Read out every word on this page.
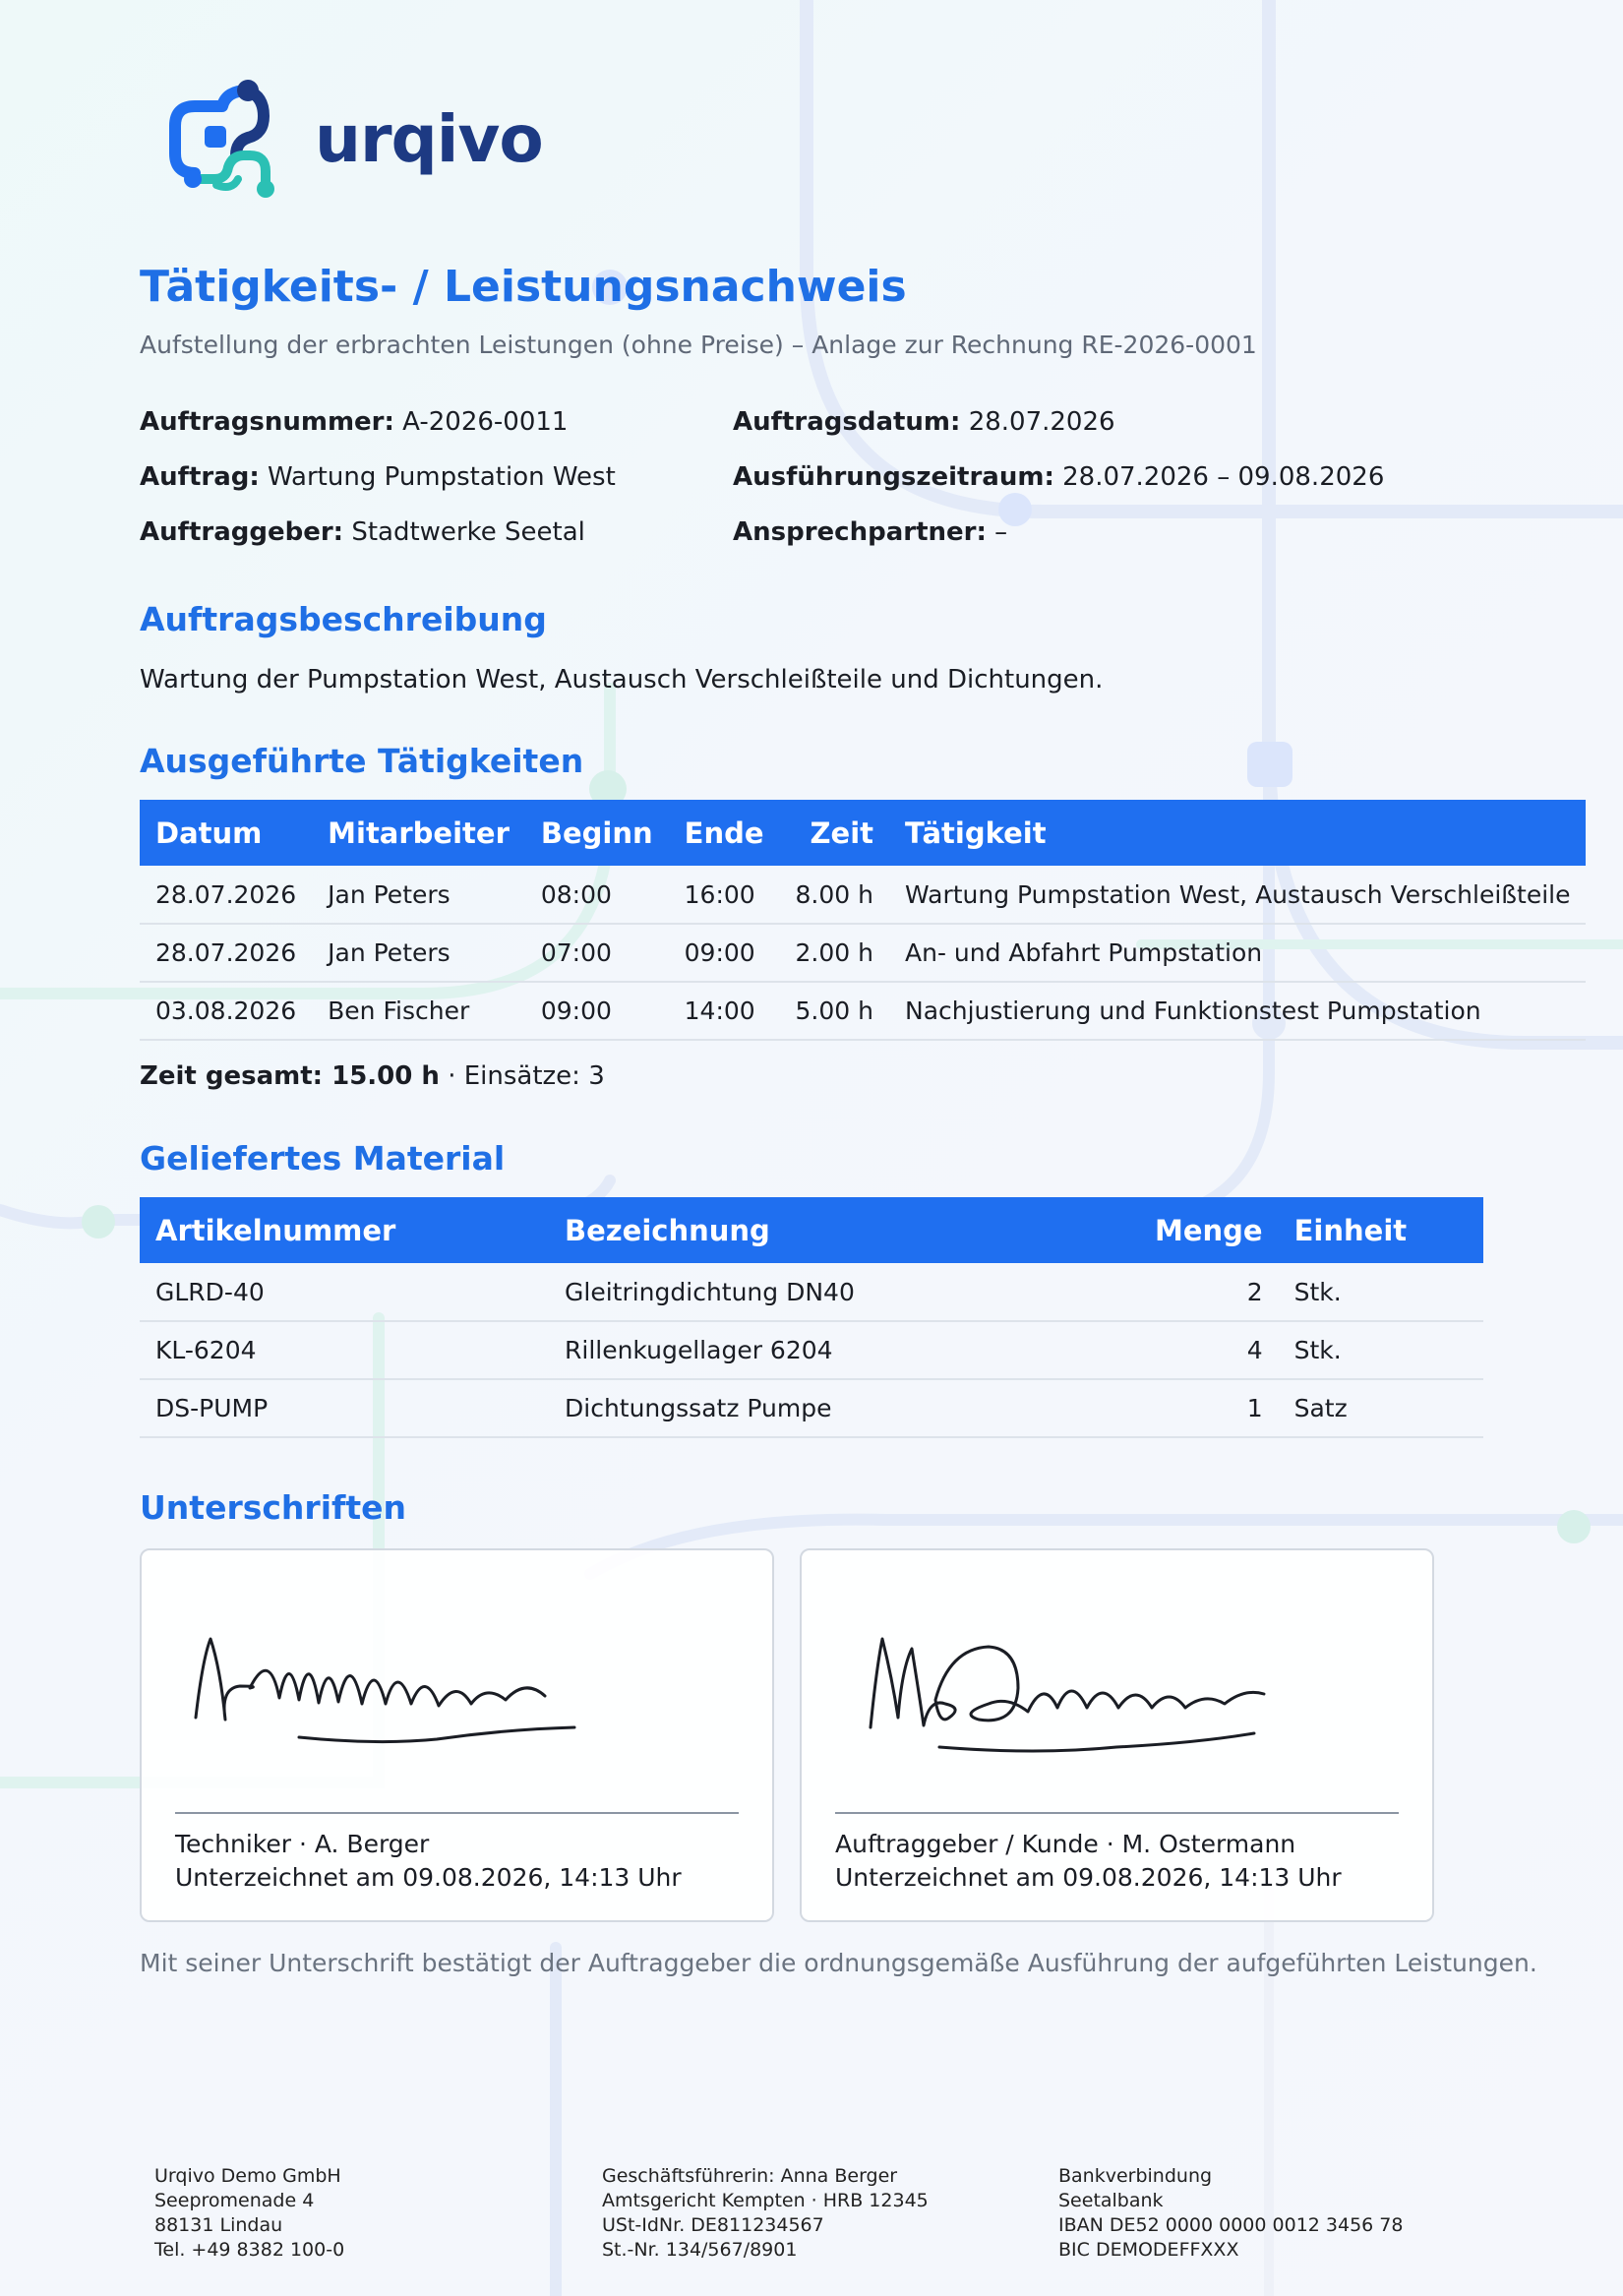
urqivo
Tätigkeits- / Leistungsnachweis
Aufstellung der erbrachten Leistungen (ohne Preise) – Anlage zur Rechnung RE-2026-0001
Auftragsnummer: A-2026-0011
Auftrag: Wartung Pumpstation West
Auftraggeber: Stadtwerke Seetal
Auftragsdatum: 28.07.2026
Ausführungszeitraum: 28.07.2026 – 09.08.2026
Ansprechpartner: –
Auftragsbeschreibung
Wartung der Pumpstation West, Austausch Verschleißteile und Dichtungen.
Ausgeführte Tätigkeiten
Datum	Mitarbeiter	Beginn	Ende	Zeit	Tätigkeit
28.07.2026	Jan Peters	08:00	16:00	8.00 h	Wartung Pumpstation West, Austausch Verschleißteile
28.07.2026	Jan Peters	07:00	09:00	2.00 h	An- und Abfahrt Pumpstation
03.08.2026	Ben Fischer	09:00	14:00	5.00 h	Nachjustierung und Funktionstest Pumpstation
Zeit gesamt: 15.00 h · Einsätze: 3
Geliefertes Material
Artikelnummer	Bezeichnung	Menge	Einheit
GLRD-40	Gleitringdichtung DN40	2	Stk.
KL-6204	Rillenkugellager 6204	4	Stk.
DS-PUMP	Dichtungssatz Pumpe	1	Satz
Unterschriften
Techniker · A. Berger
Unterzeichnet am 09.08.2026, 14:13 Uhr
Auftraggeber / Kunde · M. Ostermann
Unterzeichnet am 09.08.2026, 14:13 Uhr
Mit seiner Unterschrift bestätigt der Auftraggeber die ordnungsgemäße Ausführung der aufgeführten Leistungen.
Urqivo Demo GmbH
Seepromenade 4
88131 Lindau
Tel. +49 8382 100-0
Geschäftsführerin: Anna Berger
Amtsgericht Kempten · HRB 12345
USt-IdNr. DE811234567
St.-Nr. 134/567/8901
Bankverbindung
Seetalbank
IBAN DE52 0000 0000 0012 3456 78
BIC DEMODEFFXXX
